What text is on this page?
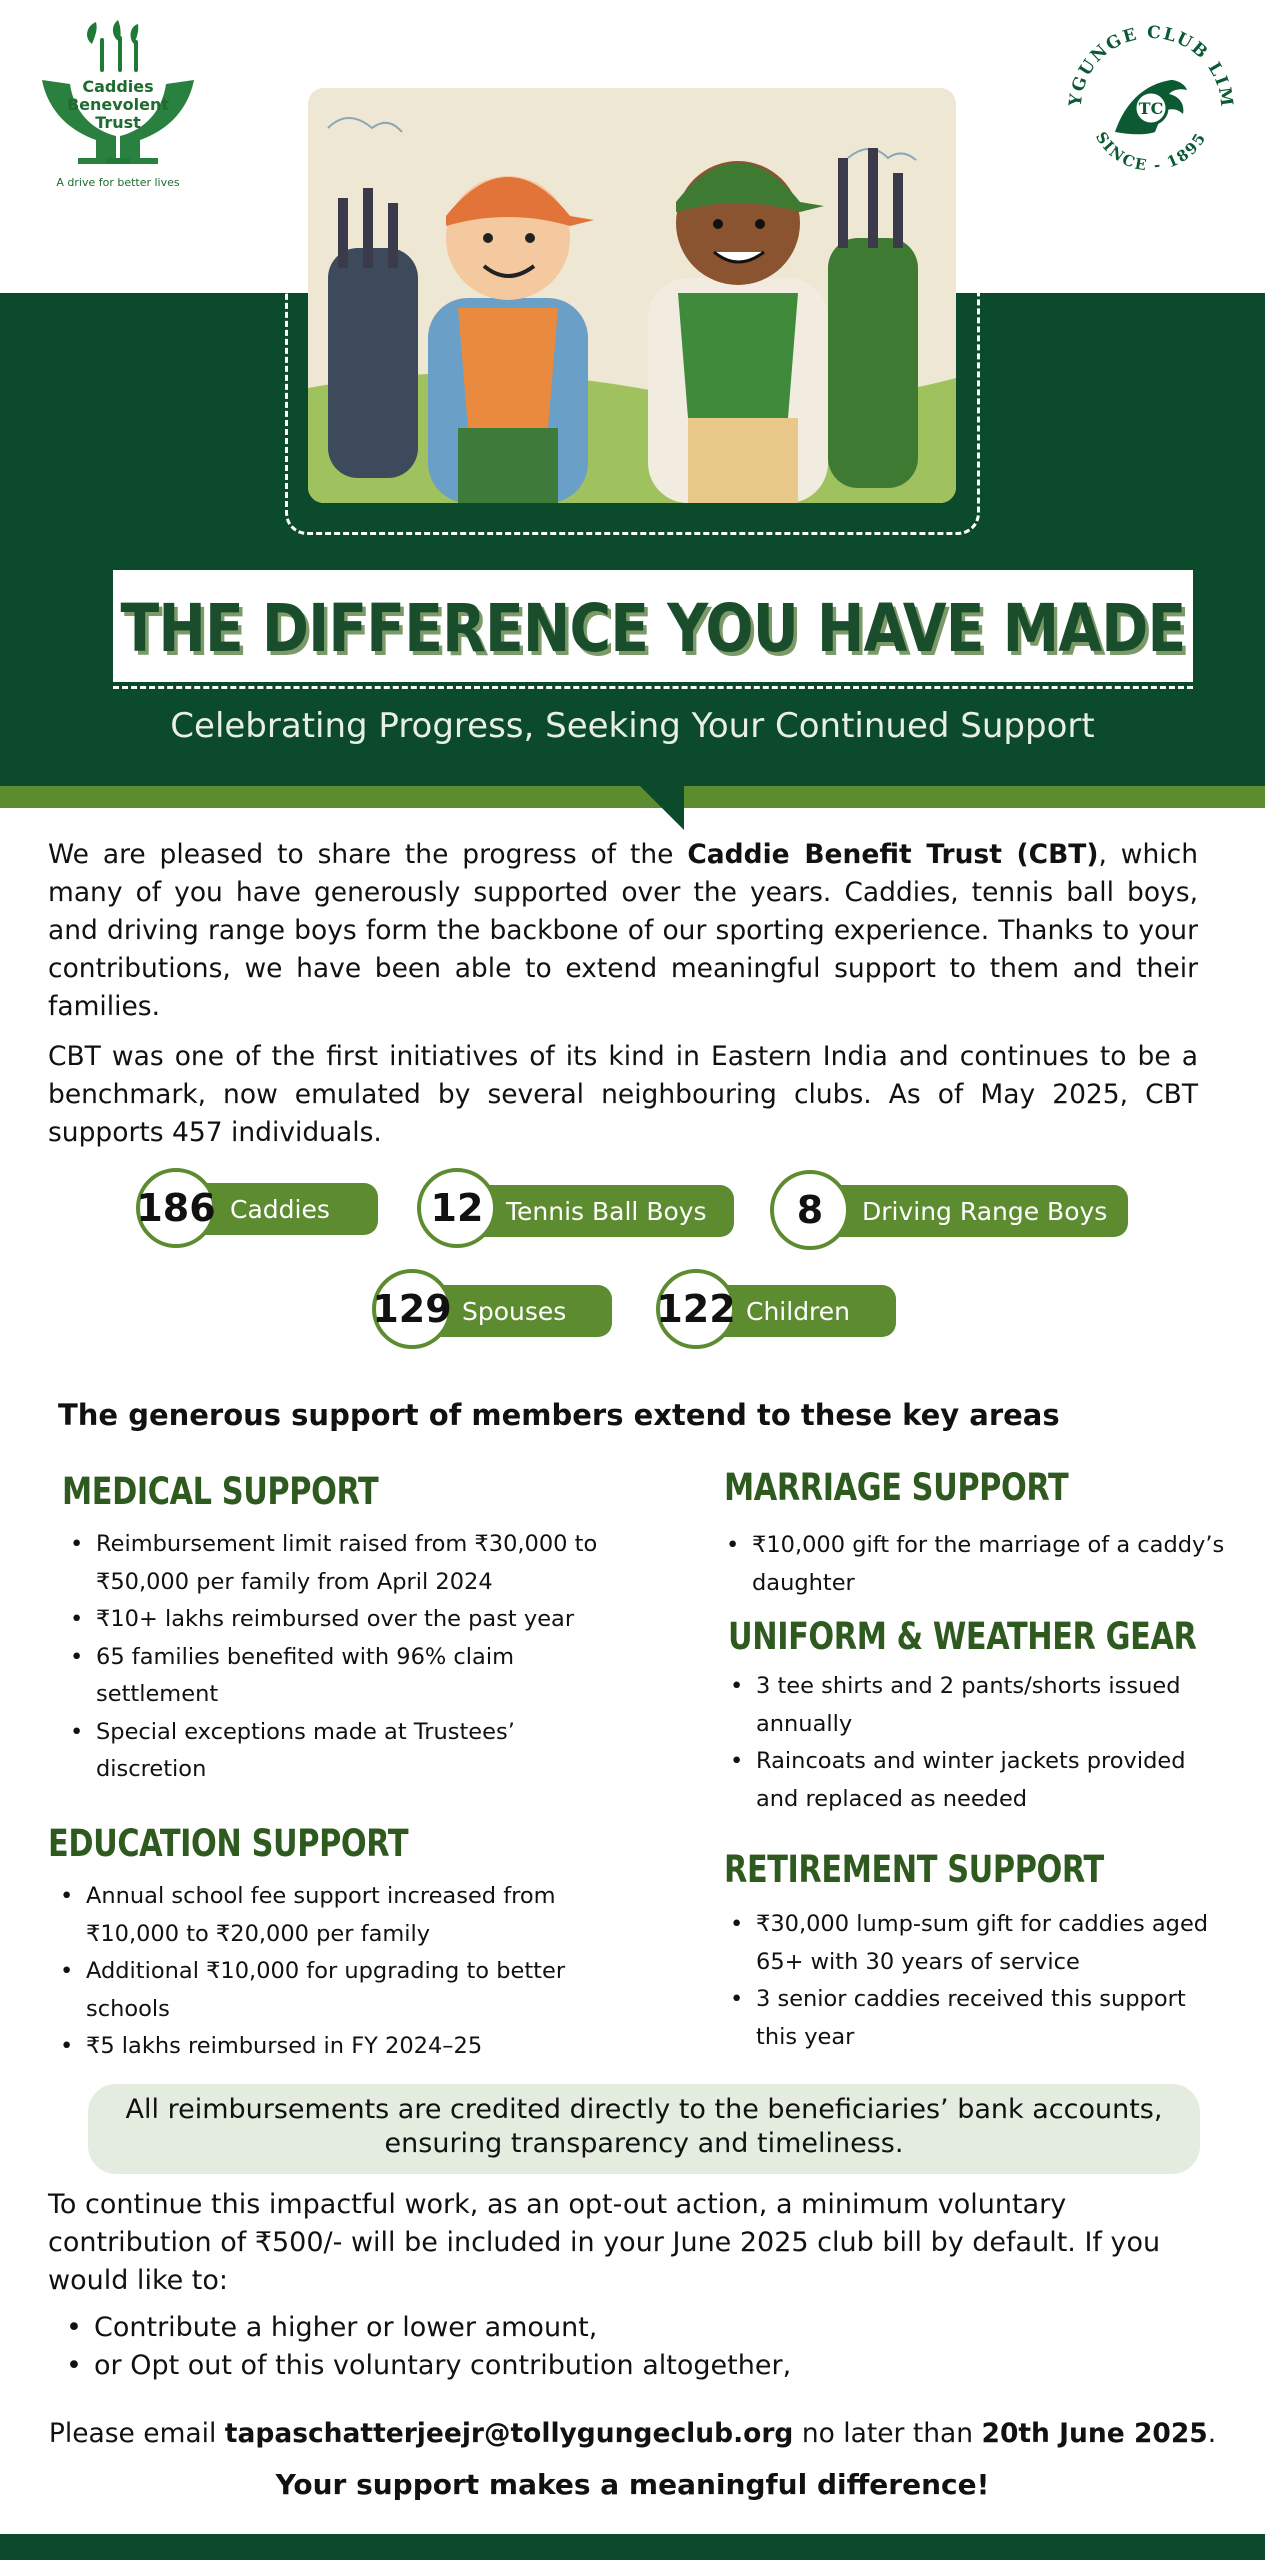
Caddies
Benevolent
Trust
A drive for better lives
YGUNGE CLUB LIM
SINCE - 1895
TC
THE DIFFERENCE YOU HAVE MADE
Celebrating Progress, Seeking Your Continued Support

We are pleased to share the progress of the Caddie Benefit Trust (CBT), which many of you have generously supported over the years. Caddies, tennis ball boys, and driving range boys form the backbone of our sporting experience. Thanks to your contributions, we have been able to extend meaningful support to them and their families.

CBT was one of the first initiatives of its kind in Eastern India and continues to be a benchmark, now emulated by several neighbouring clubs. As of May 2025, CBT supports 457 individuals.

Caddies
186	Tennis Ball Boys
12	Driving Range Boys
8
Spouses
129	Children
122
The generous support of members extend to these key areas
MEDICAL SUPPORT
• Reimbursement limit raised from ₹30,000 to ₹50,000 per family from April 2024
• ₹10+ lakhs reimbursed over the past year
• 65 families benefited with 96% claim settlement
• Special exceptions made at Trustees’ discretion
EDUCATION SUPPORT
• Annual school fee support increased from ₹10,000 to ₹20,000 per family
• Additional ₹10,000 for upgrading to better schools
• ₹5 lakhs reimbursed in FY 2024–25
MARRIAGE SUPPORT
• ₹10,000 gift for the marriage of a caddy’s daughter
UNIFORM & WEATHER GEAR
• 3 tee shirts and 2 pants/shorts issued annually
• Raincoats and winter jackets provided and replaced as needed
RETIREMENT SUPPORT
• ₹30,000 lump-sum gift for caddies aged 65+ with 30 years of service
• 3 senior caddies received this support this year
All reimbursements are credited directly to the beneficiaries’ bank accounts, ensuring transparency and timeliness.

To continue this impactful work, as an opt-out action, a minimum voluntary contribution of ₹500/- will be included in your June 2025 club bill by default. If you would like to:

• Contribute a higher or lower amount,
• or Opt out of this voluntary contribution altogether,
Please email tapaschatterjeejr@tollygungeclub.org no later than 20th June 2025.
Your support makes a meaningful difference!
